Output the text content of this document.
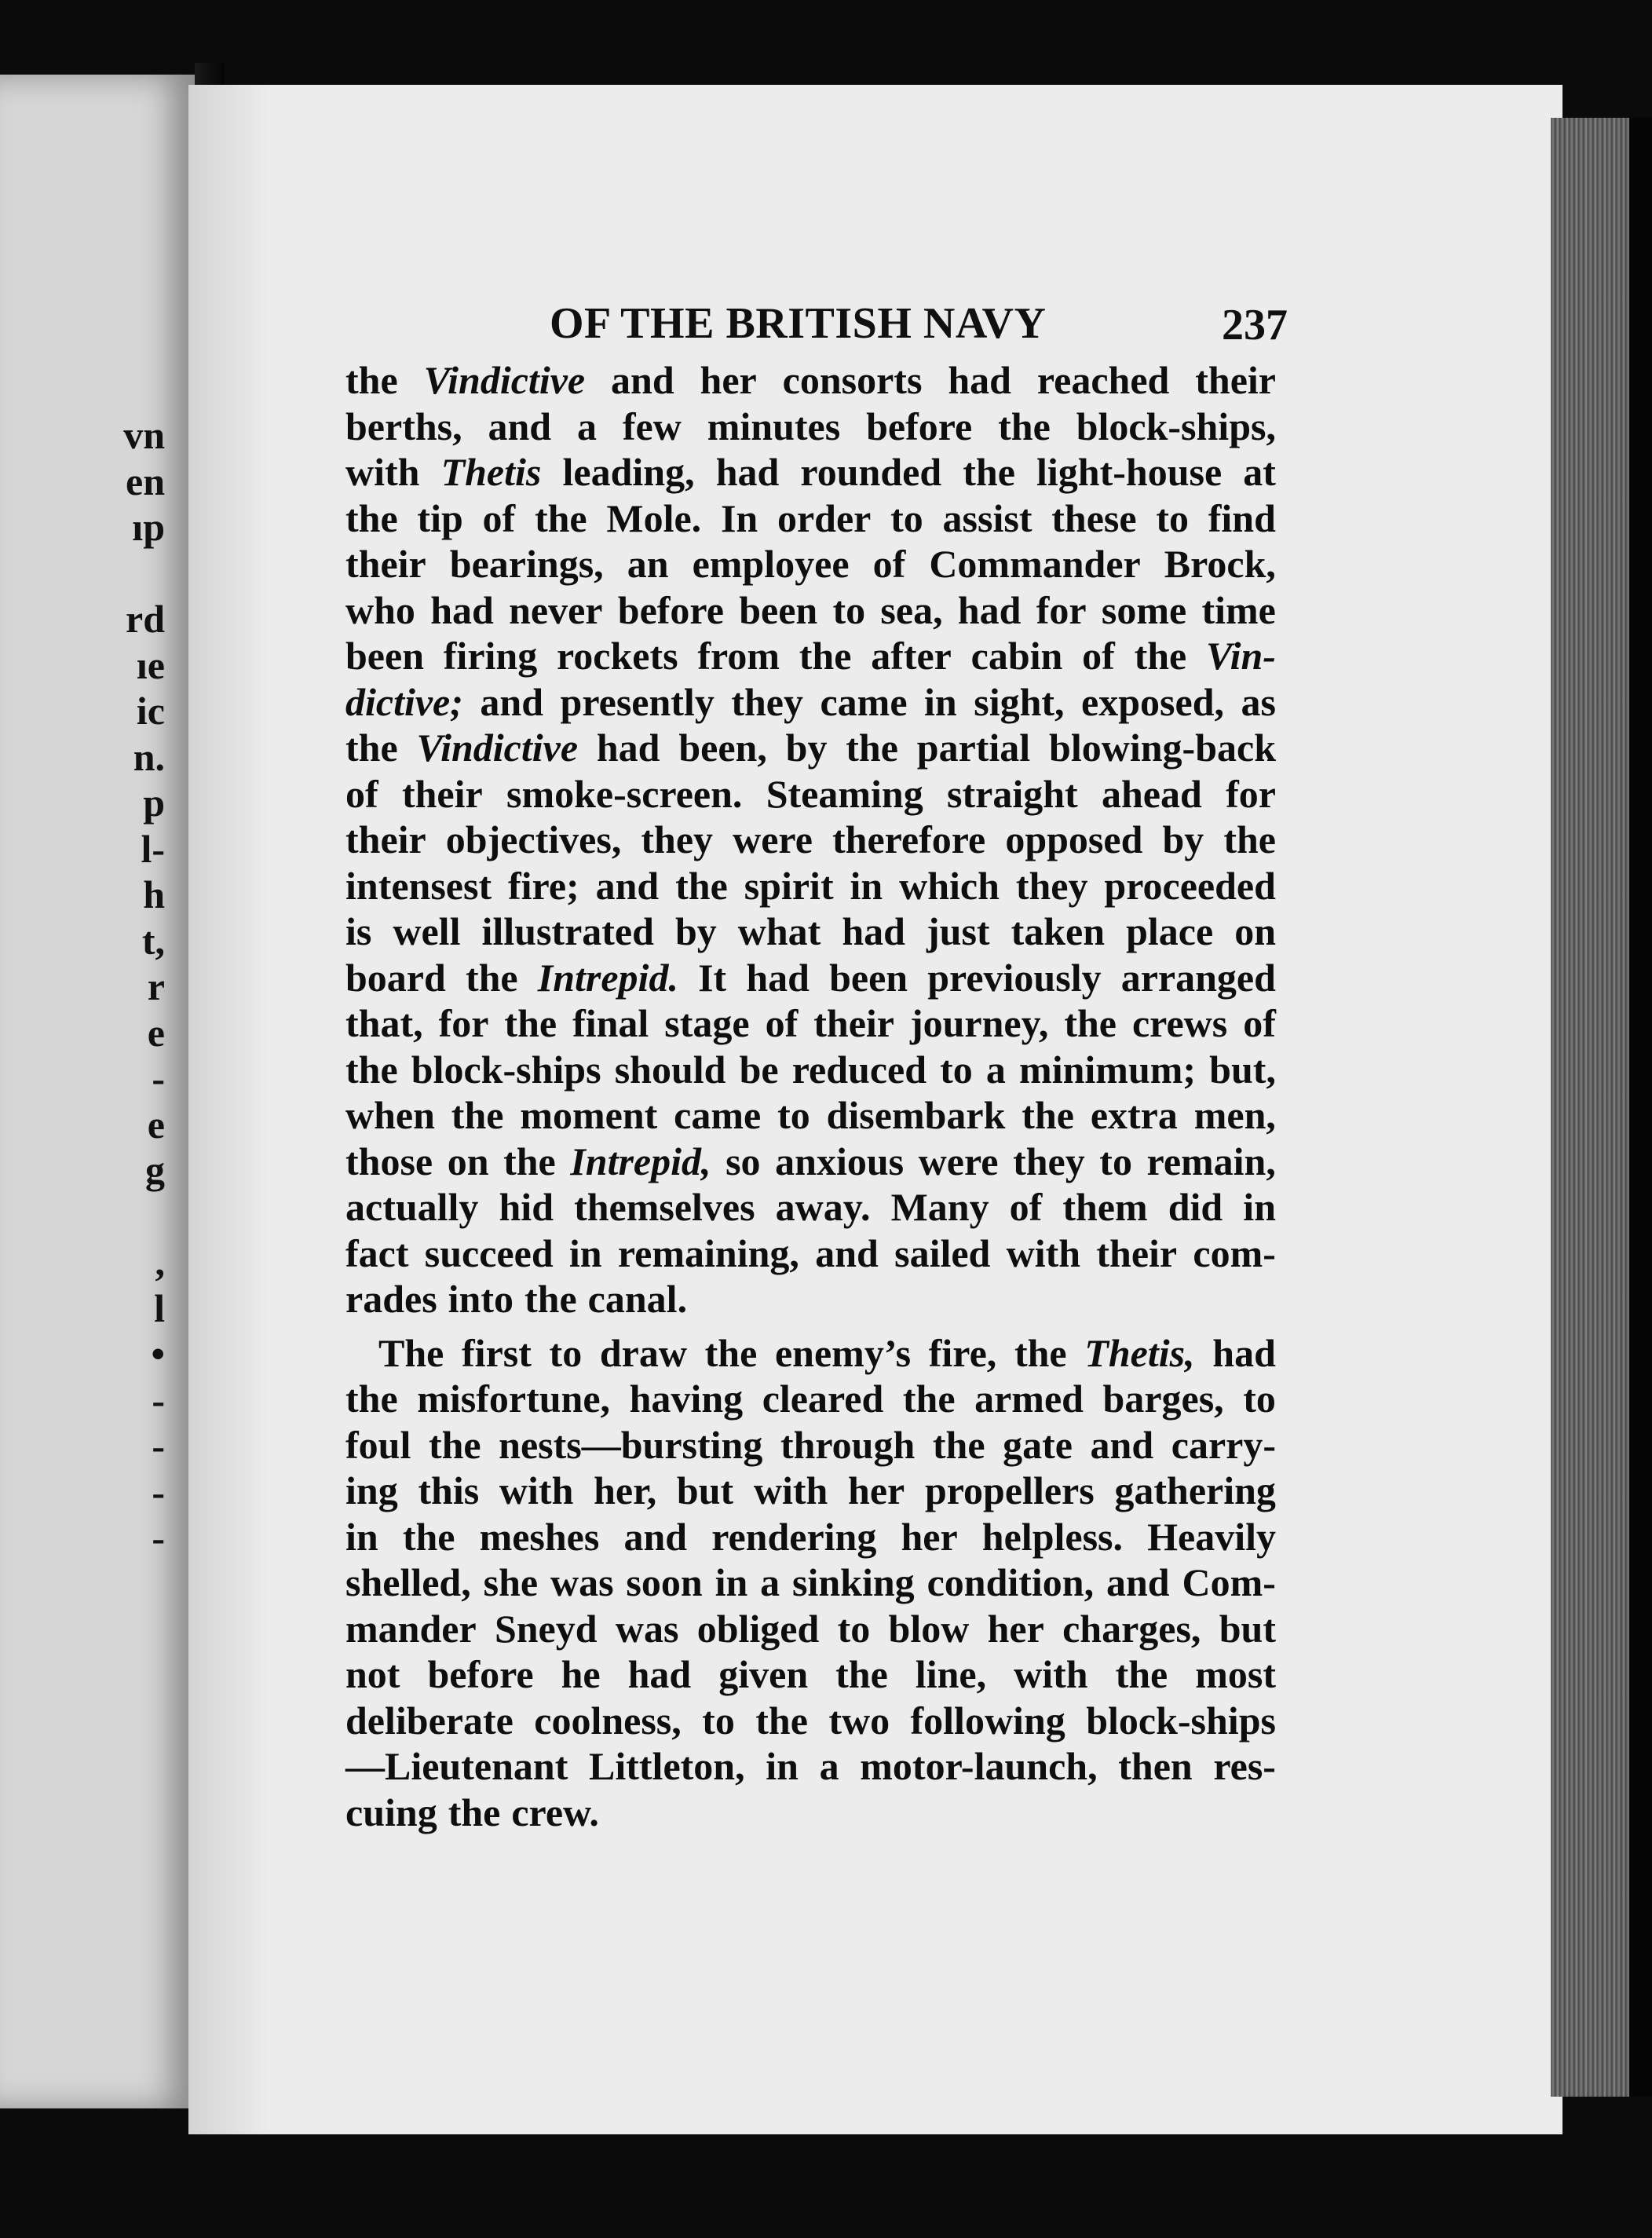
vn
en
ıp
rd
ıe
ic
n.
p
l-
h
t,
r
e
-
e
g
,
l
•
-
-
-
-
OF THE BRITISH NAVY	237
the Vindictive and her consorts had reached their
berths, and a few minutes before the block-ships,
with Thetis leading, had rounded the light-house at
the tip of the Mole. In order to assist these to find
their bearings, an employee of Commander Brock,
who had never before been to sea, had for some time
been firing rockets from the after cabin of the Vin-
dictive; and presently they came in sight, exposed, as
the Vindictive had been, by the partial blowing-back
of their smoke-screen. Steaming straight ahead for
their objectives, they were therefore opposed by the
intensest fire; and the spirit in which they proceeded
is well illustrated by what had just taken place on
board the Intrepid. It had been previously arranged
that, for the final stage of their journey, the crews of
the block-ships should be reduced to a minimum; but,
when the moment came to disembark the extra men,
those on the Intrepid, so anxious were they to remain,
actually hid themselves away. Many of them did in
fact succeed in remaining, and sailed with their com-
rades into the canal.
The first to draw the enemy’s fire, the Thetis, had
the misfortune, having cleared the armed barges, to
foul the nests—bursting through the gate and carry-
ing this with her, but with her propellers gathering
in the meshes and rendering her helpless. Heavily
shelled, she was soon in a sinking condition, and Com-
mander Sneyd was obliged to blow her charges, but
not before he had given the line, with the most
deliberate coolness, to the two following block-ships
—Lieutenant Littleton, in a motor-launch, then res-
cuing the crew.
